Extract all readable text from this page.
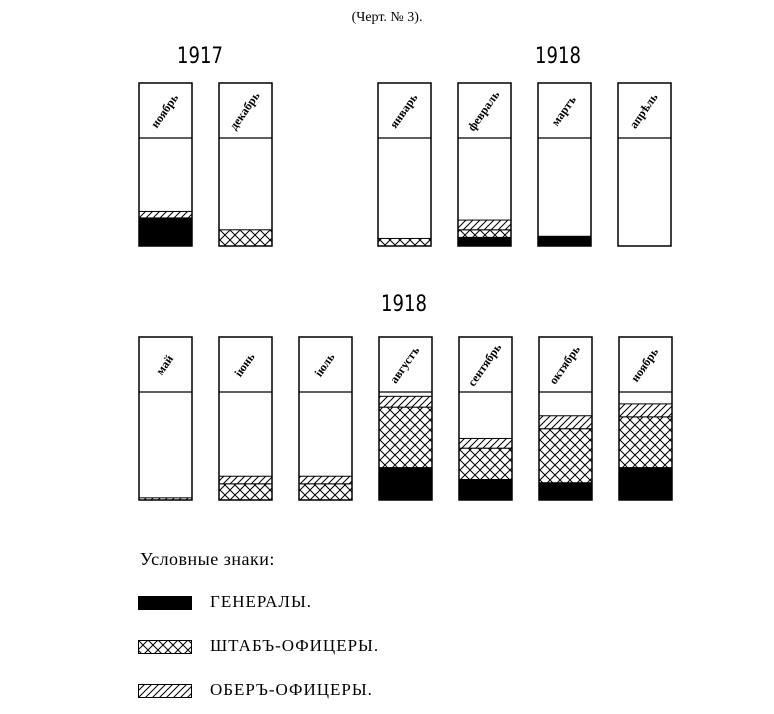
(Черт. № 3).
1917	1918
1918
ноябрь	декабрь	январь	февраль	мартъ	апрѣль
май	iюнь	iюль	августъ	сентябрь	октябрь	ноябрь
Условные знаки:
ГЕНЕРАЛЫ.
ШТАБЪ-ОФИЦЕРЫ.
ОБЕРЪ-ОФИЦЕРЫ.
